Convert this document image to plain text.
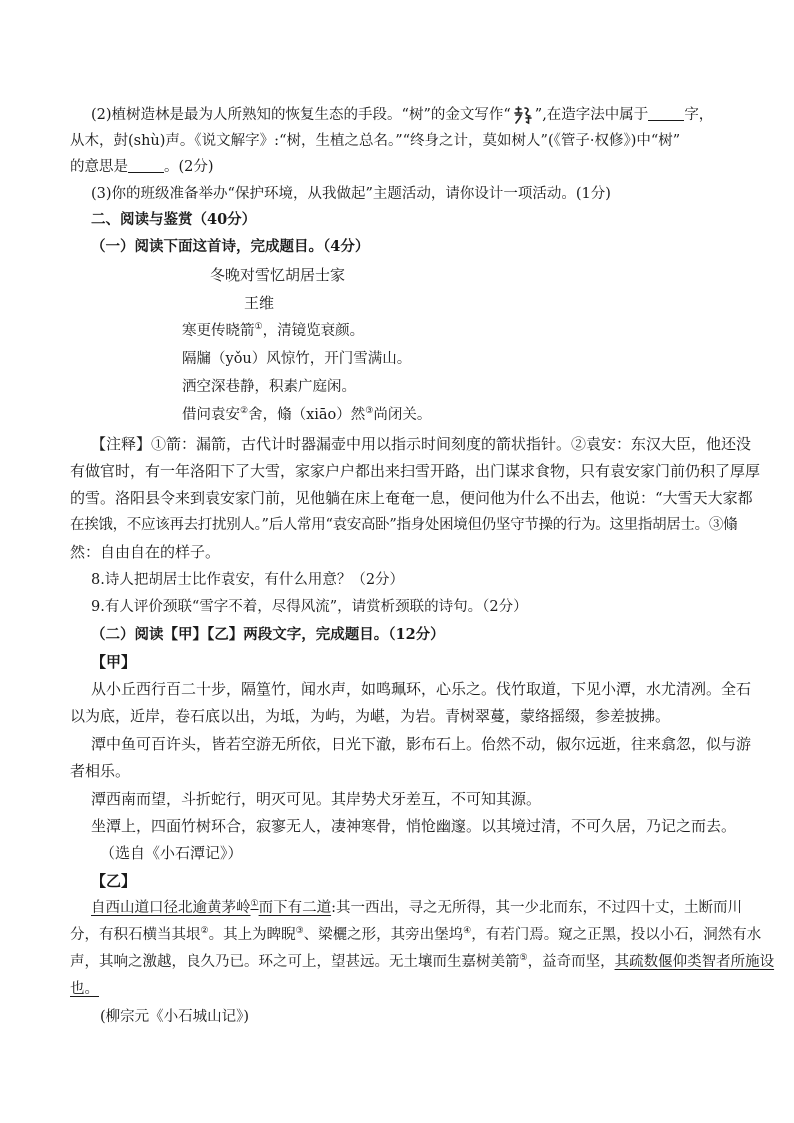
(2)植树造林是最为人所熟知的恢复生态的手段。“树”的金文写作“ ”,在造字法中属于 字，
从木，尌(shù)声。《说文解字》:“树，生植之总名。”“终身之计，莫如树人”(《管子·权修》)中“树”
的意思是 。(2分)
(3)你的班级准备举办“保护环境，从我做起”主题活动，请你设计一项活动。(1分)
二、阅读与鉴赏（40分）
（一）阅读下面这首诗，完成题目。（4分）
冬晚对雪忆胡居士家
王维
寒更传晓箭①，清镜览衰颜。
隔牖（yǒu）风惊竹，开门雪满山。
洒空深巷静，积素广庭闲。
借问袁安②舍，翛（xiāo）然③尚闭关。
【注释】①箭：漏箭，古代计时器漏壶中用以指示时间刻度的箭状指针。②袁安：东汉大臣，他还没
有做官时，有一年洛阳下了大雪，家家户户都出来扫雪开路，出门谋求食物，只有袁安家门前仍积了厚厚
的雪。洛阳县令来到袁安家门前，见他躺在床上奄奄一息，便问他为什么不出去，他说：“大雪天大家都
在挨饿，不应该再去打扰别人。”后人常用“袁安高卧”指身处困境但仍坚守节操的行为。这里指胡居士。③翛
然：自由自在的样子。
8.诗人把胡居士比作袁安，有什么用意？（2分）
9.有人评价颈联“雪字不着，尽得风流”，请赏析颈联的诗句。（2分）
（二）阅读【甲】【乙】两段文字，完成题目。（12分）
【甲】
从小丘西行百二十步，隔篁竹，闻水声，如鸣珮环，心乐之。伐竹取道，下见小潭，水尤清冽。全石
以为底，近岸，卷石底以出，为坻，为屿，为嵁，为岩。青树翠蔓，蒙络摇缀，参差披拂。
潭中鱼可百许头，皆若空游无所依，日光下澈，影布石上。佁然不动，俶尔远逝，往来翕忽，似与游
者相乐。
潭西南而望，斗折蛇行，明灭可见。其岸势犬牙差互，不可知其源。
坐潭上，四面竹树环合，寂寥无人，凄神寒骨，悄怆幽邃。以其境过清，不可久居，乃记之而去。
（选自《小石潭记》）
【乙】
自西山道口径北逾黄茅岭①而下有二道:其一西出，寻之无所得，其一少北而东，不过四十丈，土断而川
分，有积石横当其垠②。其上为睥睨③、梁欐之形，其旁出堡坞④，有若门焉。窥之正黑，投以小石，洞然有水
声，其响之激越，良久乃已。环之可上，望甚远。无土壤而生嘉树美箭⑤，益奇而坚，其疏数偃仰类智者所施设
也。
(柳宗元《小石城山记》)
